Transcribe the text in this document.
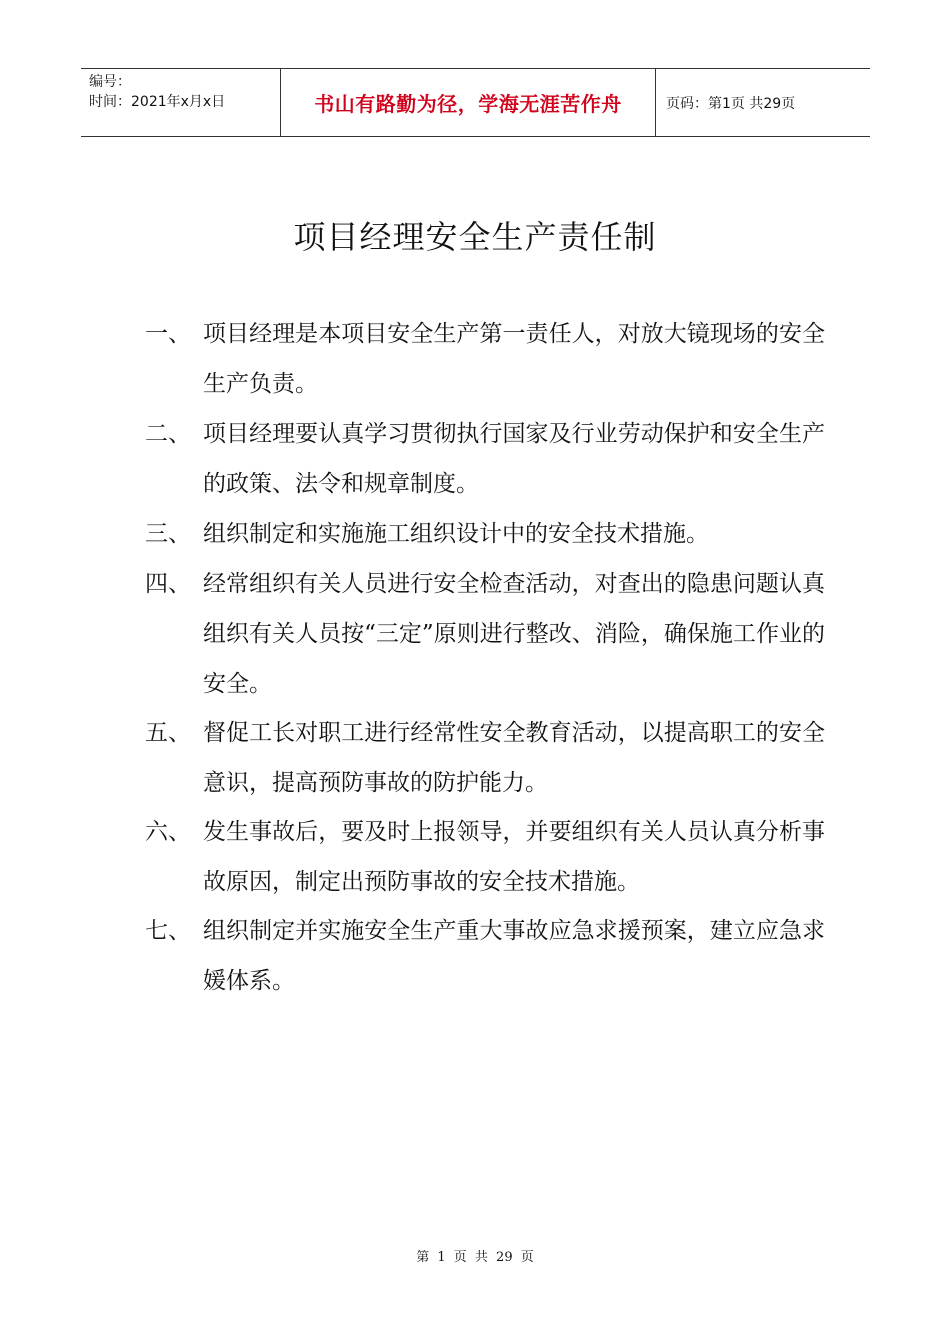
编号：
时间：2021年x月x日	书山有路勤为径，学海无涯苦作舟	页码：第1页 共29页
项目经理安全生产责任制
一、 项目经理是本项目安全生产第一责任人，对放大镜现场的安全生产负责。
二、 项目经理要认真学习贯彻执行国家及行业劳动保护和安全生产的政策、法令和规章制度。
三、 组织制定和实施施工组织设计中的安全技术措施。
四、 经常组织有关人员进行安全检查活动，对查出的隐患问题认真组织有关人员按“三定”原则进行整改、消险，确保施工作业的安全。
五、 督促工长对职工进行经常性安全教育活动，以提高职工的安全意识，提高预防事故的防护能力。
六、 发生事故后，要及时上报领导，并要组织有关人员认真分析事故原因，制定出预防事故的安全技术措施。
七、 组织制定并实施安全生产重大事故应急求援预案，建立应急求媛体系。
第 1 页 共 29 页
